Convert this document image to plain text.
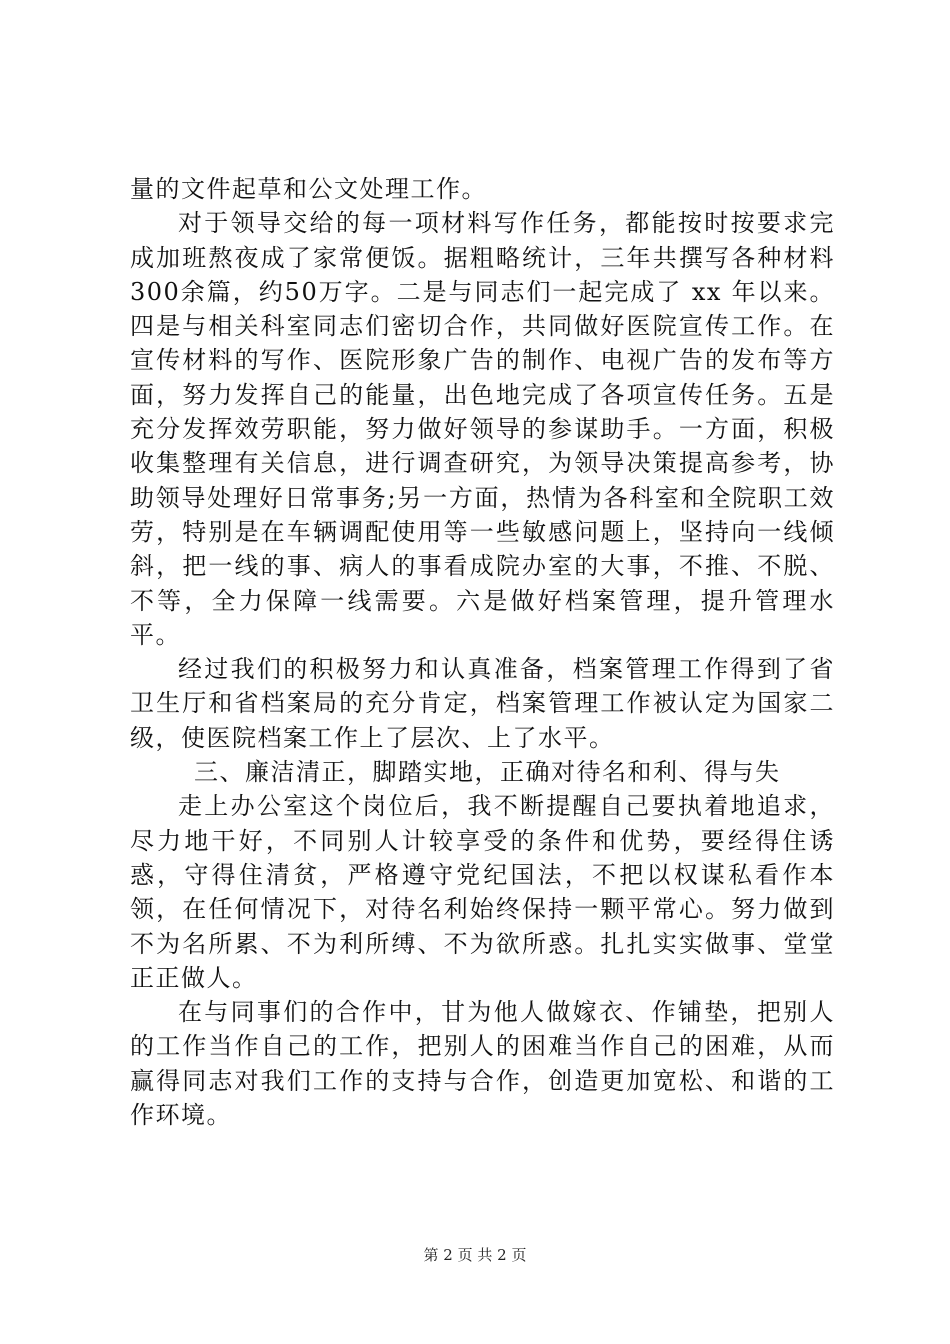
量的文件起草和公文处理工作。

对于领导交给的每一项材料写作任务，都能按时按要求完成加班熬夜成了家常便饭。据粗略统计，三年共撰写各种材料300余篇，约50万字。二是与同志们一起完成了 xx 年以来。四是与相关科室同志们密切合作，共同做好医院宣传工作。在宣传材料的写作、医院形象广告的制作、电视广告的发布等方面，努力发挥自己的能量，出色地完成了各项宣传任务。五是充分发挥效劳职能，努力做好领导的参谋助手。一方面，积极收集整理有关信息，进行调查研究，为领导决策提高参考，协助领导处理好日常事务;另一方面，热情为各科室和全院职工效劳，特别是在车辆调配使用等一些敏感问题上，坚持向一线倾斜，把一线的事、病人的事看成院办室的大事，不推、不脱、不等，全力保障一线需要。六是做好档案管理，提升管理水平。

经过我们的积极努力和认真准备，档案管理工作得到了省卫生厅和省档案局的充分肯定，档案管理工作被认定为国家二级，使医院档案工作上了层次、上了水平。

三、廉洁清正，脚踏实地，正确对待名和利、得与失

走上办公室这个岗位后，我不断提醒自己要执着地追求，尽力地干好，不同别人计较享受的条件和优势，要经得住诱惑，守得住清贫，严格遵守党纪国法，不把以权谋私看作本领，在任何情况下，对待名利始终保持一颗平常心。努力做到不为名所累、不为利所缚、不为欲所惑。扎扎实实做事、堂堂正正做人。

在与同事们的合作中，甘为他人做嫁衣、作铺垫，把别人的工作当作自己的工作，把别人的困难当作自己的困难，从而赢得同志对我们工作的支持与合作，创造更加宽松、和谐的工作环境。

第 2 页 共 2 页
